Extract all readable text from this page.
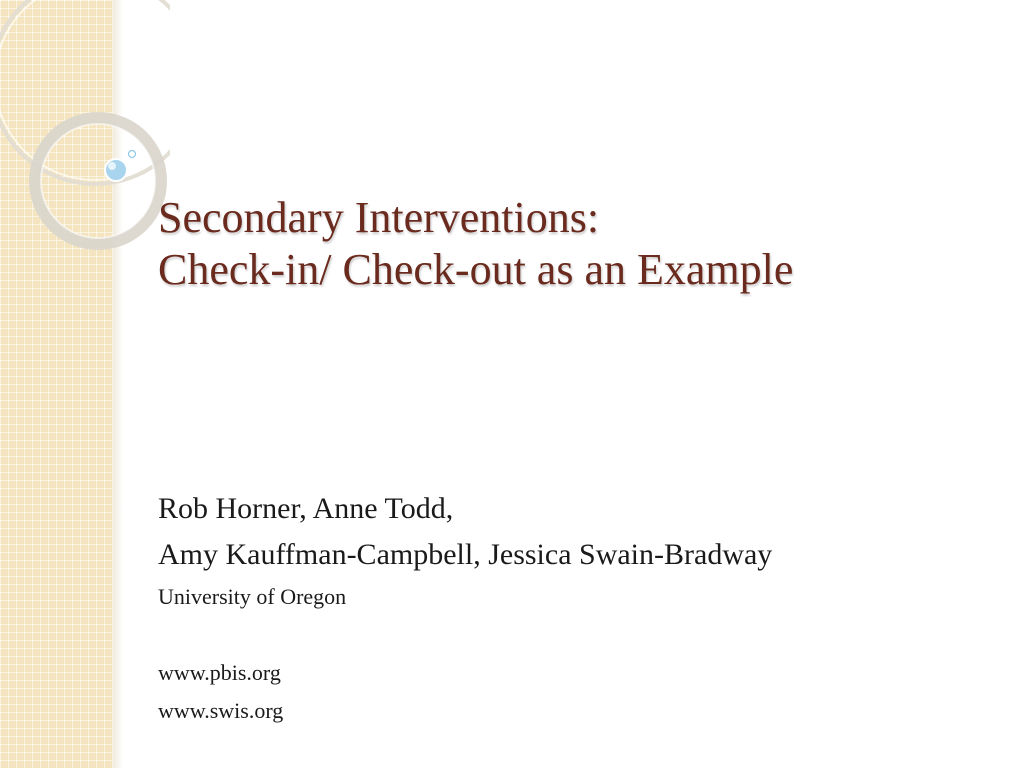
Secondary Interventions:
Check-in/ Check-out as an Example
Rob Horner, Anne Todd,
Amy Kauffman-Campbell, Jessica Swain-Bradway
University of Oregon
www.pbis.org
www.swis.org
